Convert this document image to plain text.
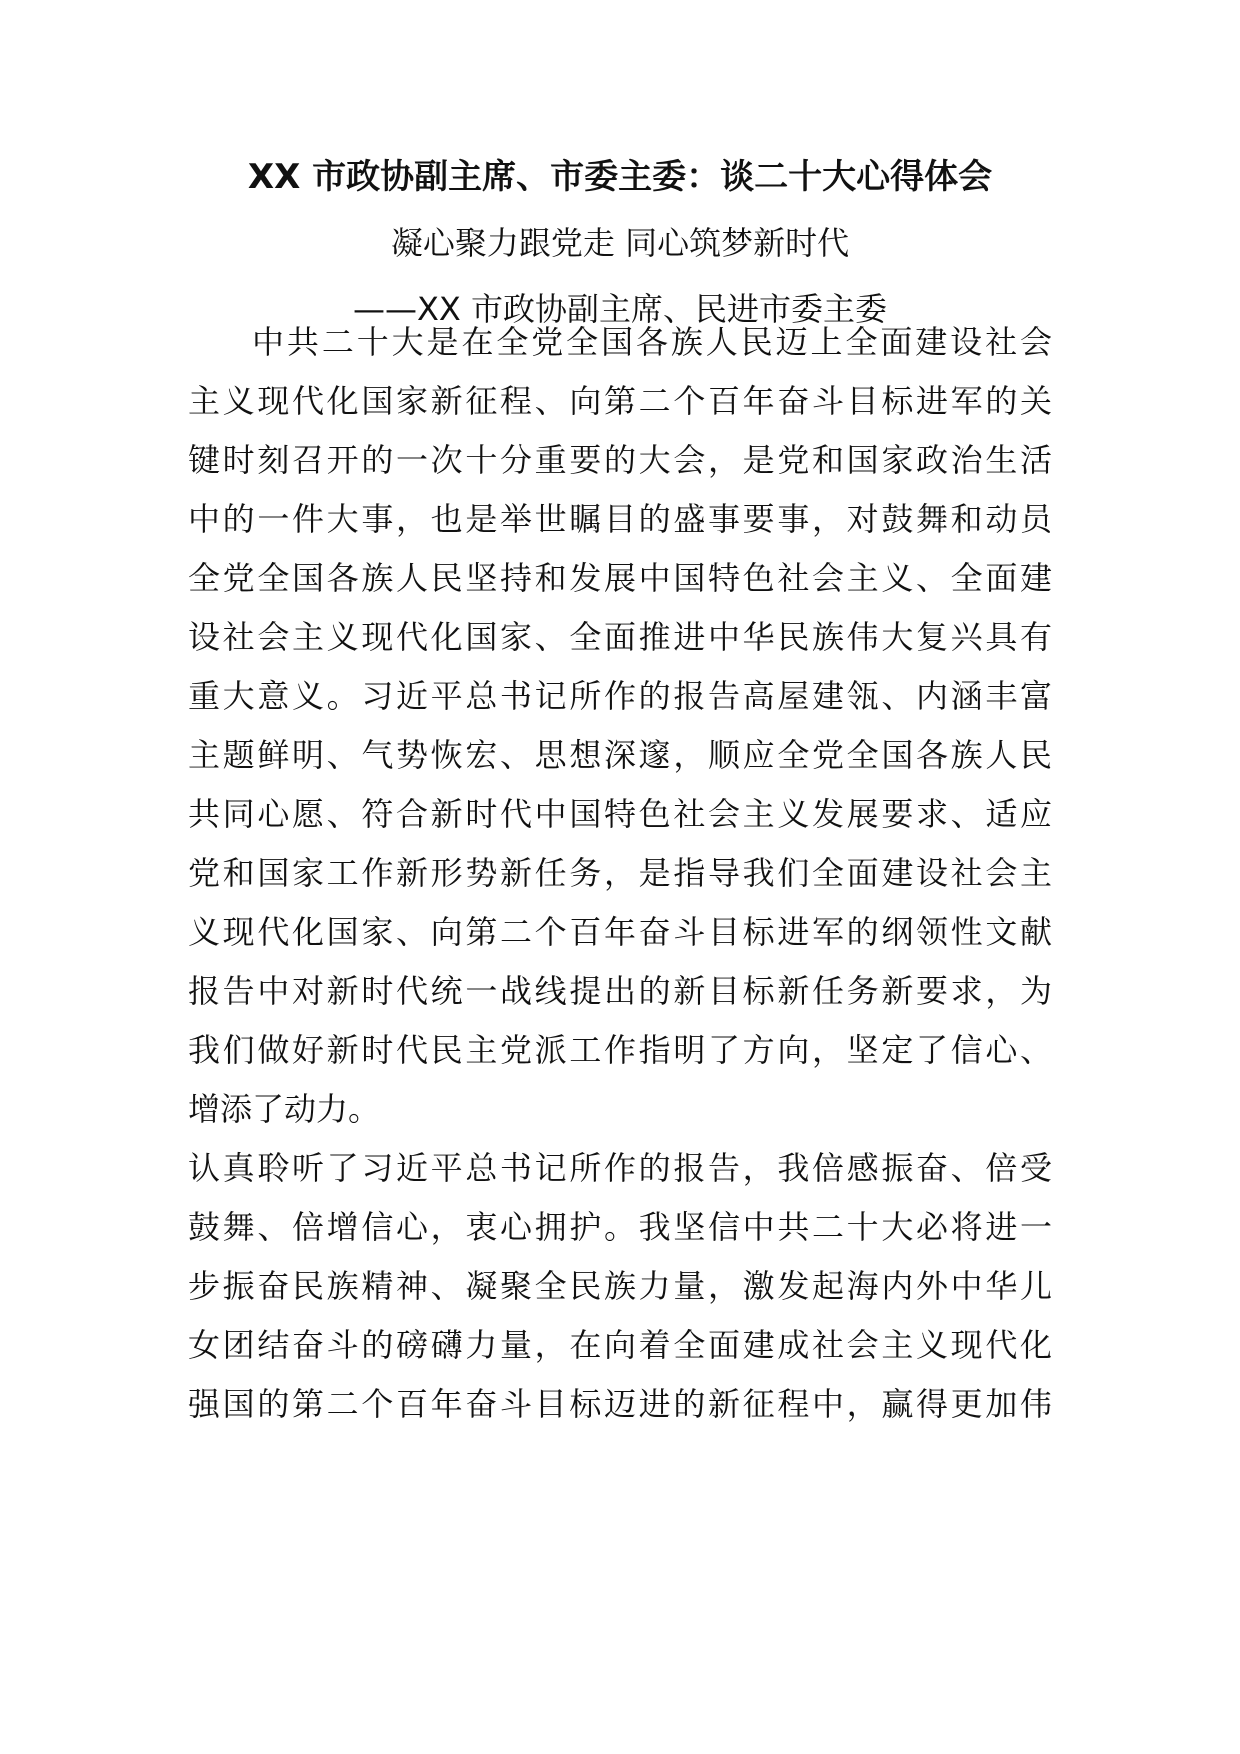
XX 市政协副主席、市委主委：谈二十大心得体会
凝心聚力跟党走 同心筑梦新时代
——XX 市政协副主席、民进市委主委
中共二十大是在全党全国各族人民迈上全面建设社会
主义现代化国家新征程、向第二个百年奋斗目标进军的关
键时刻召开的一次十分重要的大会，是党和国家政治生活
中的一件大事，也是举世瞩目的盛事要事，对鼓舞和动员
全党全国各族人民坚持和发展中国特色社会主义、全面建
设社会主义现代化国家、全面推进中华民族伟大复兴具有
重大意义。习近平总书记所作的报告高屋建瓴、内涵丰富
主题鲜明、气势恢宏、思想深邃，顺应全党全国各族人民
共同心愿、符合新时代中国特色社会主义发展要求、适应
党和国家工作新形势新任务，是指导我们全面建设社会主
义现代化国家、向第二个百年奋斗目标进军的纲领性文献
报告中对新时代统一战线提出的新目标新任务新要求，为
我们做好新时代民主党派工作指明了方向，坚定了信心、
增添了动力。
认真聆听了习近平总书记所作的报告，我倍感振奋、倍受
鼓舞、倍增信心，衷心拥护。我坚信中共二十大必将进一
步振奋民族精神、凝聚全民族力量，激发起海内外中华儿
女团结奋斗的磅礴力量，在向着全面建成社会主义现代化
强国的第二个百年奋斗目标迈进的新征程中，赢得更加伟
